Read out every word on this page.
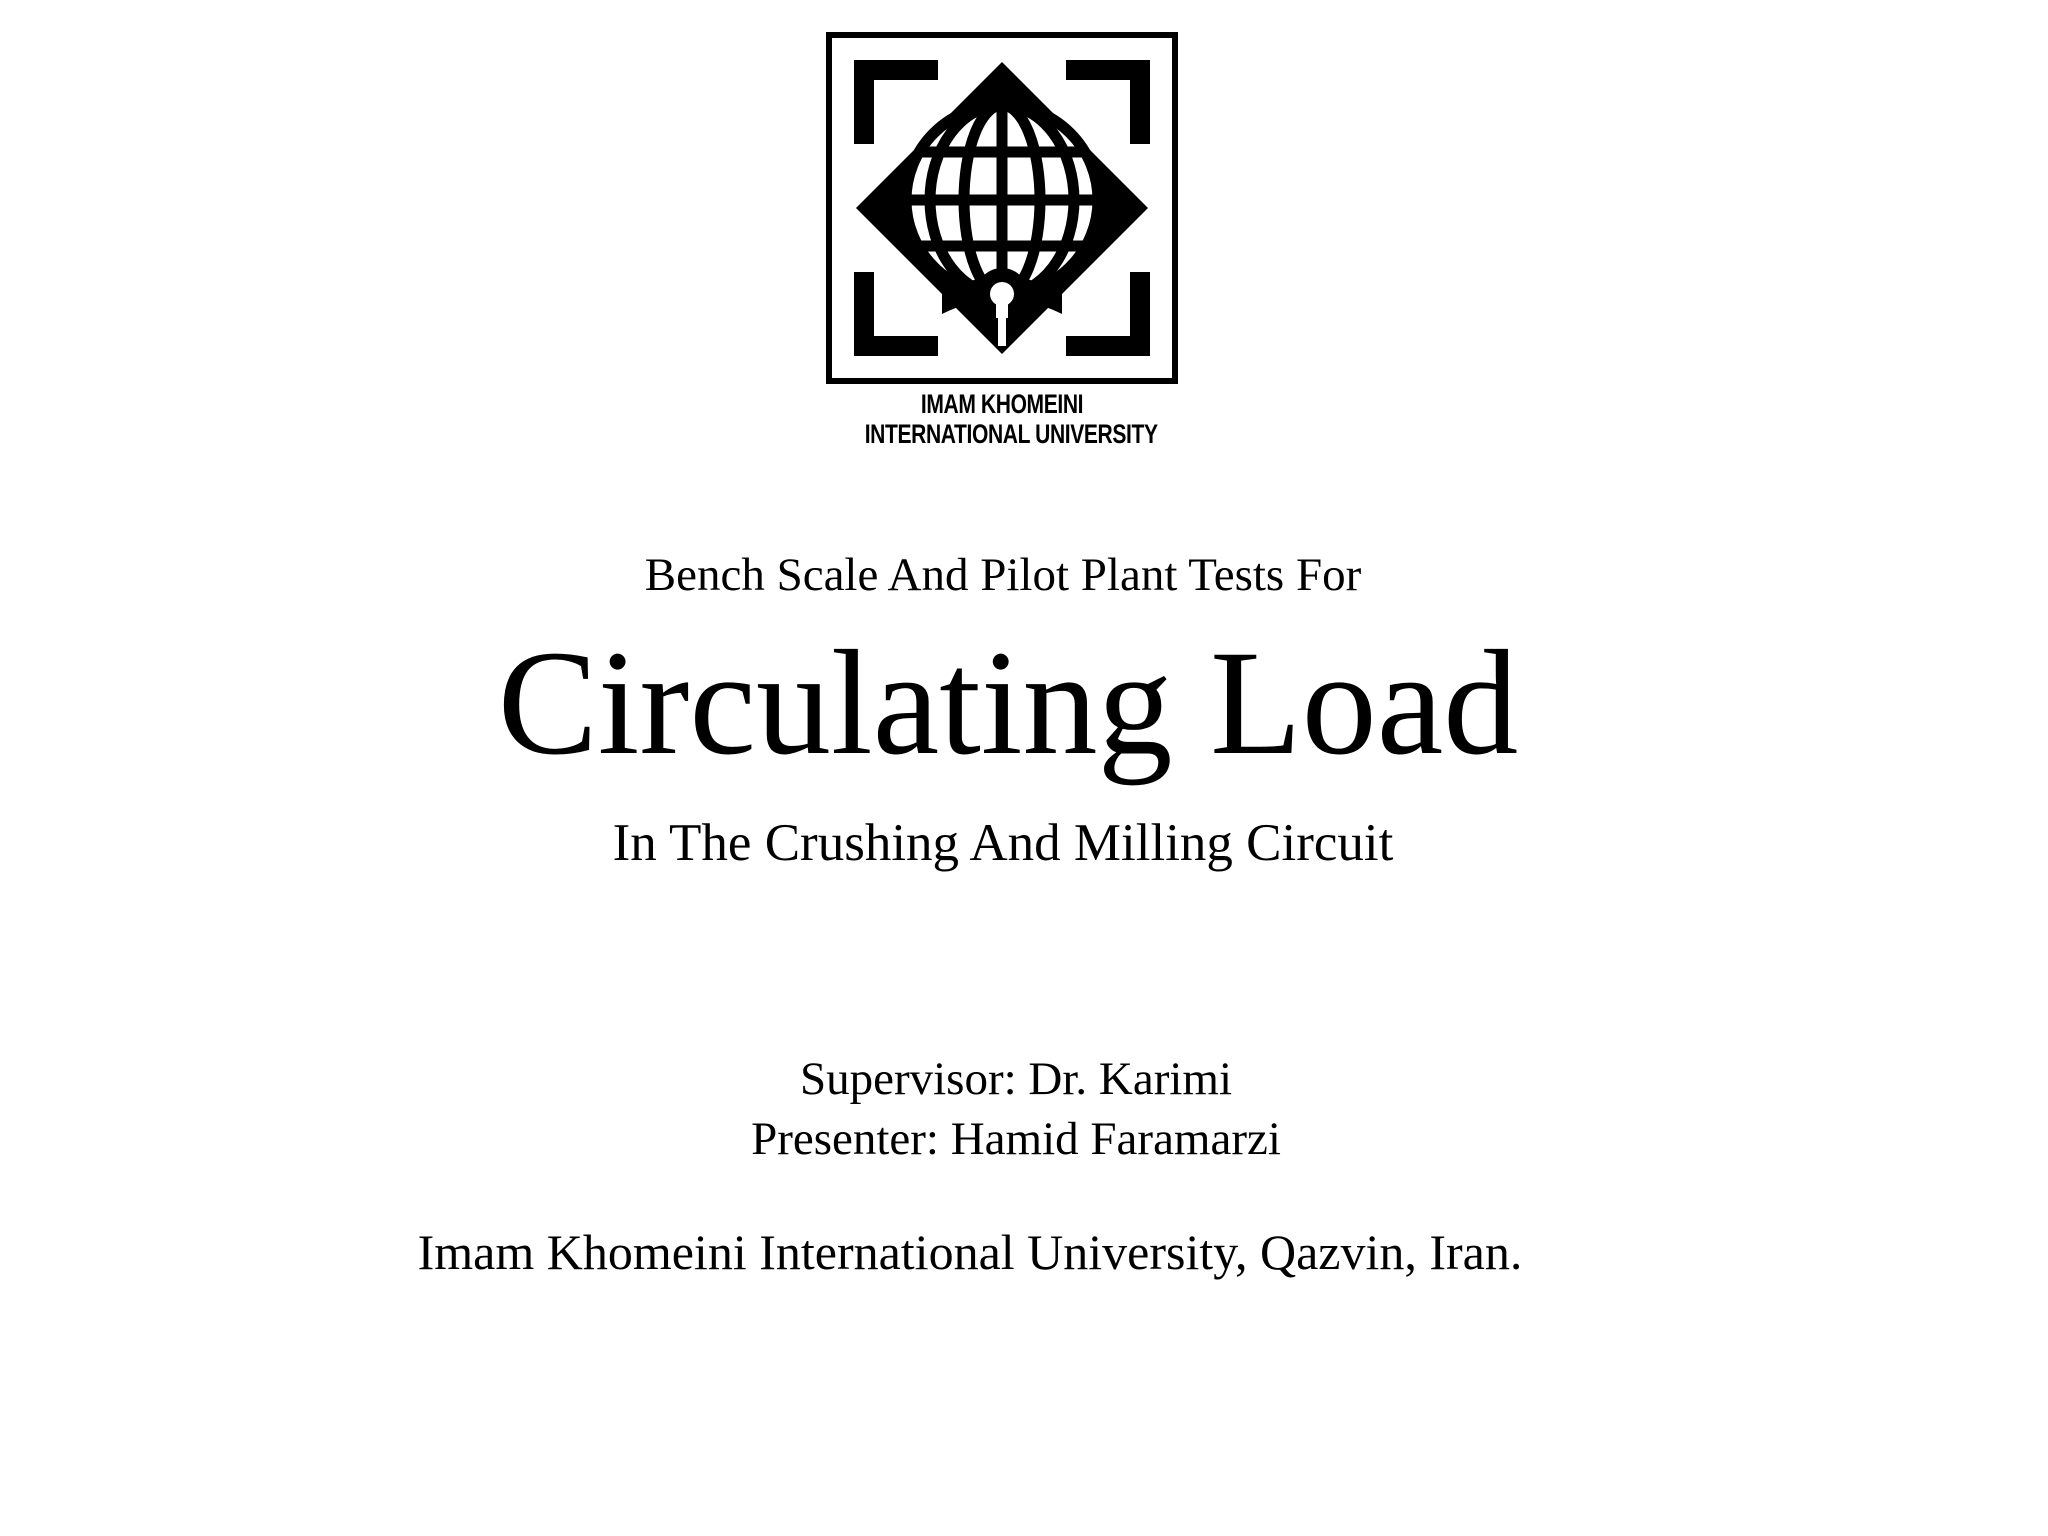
IMAM KHOMEINI
INTERNATIONAL UNIVERSITY
Bench Scale And Pilot Plant Tests For
Circulating Load
In The Crushing And Milling Circuit
Supervisor: Dr. Karimi
Presenter: Hamid Faramarzi
Imam Khomeini International University, Qazvin, Iran.
